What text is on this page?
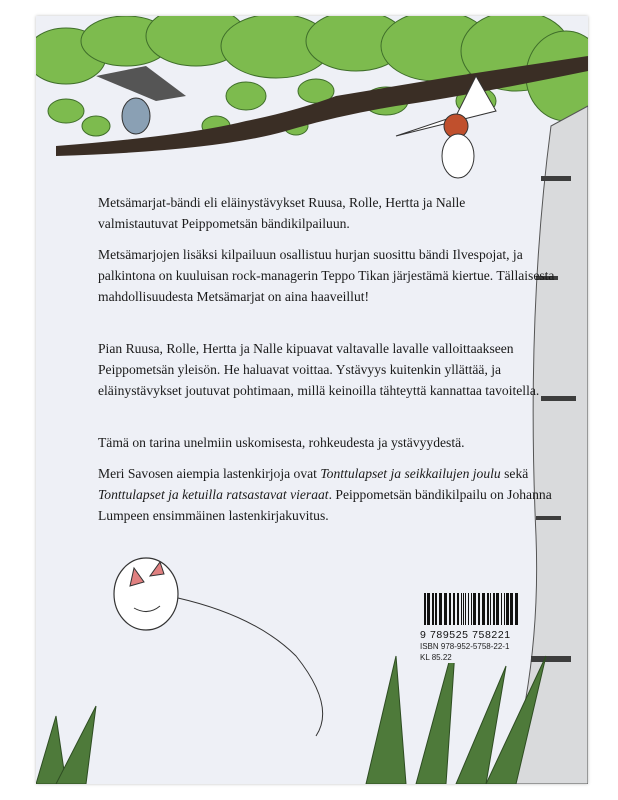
Metsämarjat-bändi eli eläinystävykset Ruusa, Rolle, Hertta ja Nalle valmistautuvat Peippometsän bändikilpailuun.
Metsämarjojen lisäksi kilpailuun osallistuu hurjan suosittu bändi Ilvespojat, ja palkintona on kuuluisan rock-managerin Teppo Tikan järjestämä kiertue. Tällaisesta mahdollisuudesta Metsämarjat on aina haaveillut!
Pian Ruusa, Rolle, Hertta ja Nalle kipuavat valtavalle lavalle valloittaakseen Peippometsän yleisön. He haluavat voittaa. Ystävyys kuitenkin yllättää, ja eläinystävykset joutuvat pohtimaan, millä keinoilla tähteyttä kannattaa tavoitella.
Tämä on tarina unelmiin uskomisesta, rohkeudesta ja ystävyydestä.
Meri Savosen aiempia lastenkirjoja ovat Tonttulapset ja seikkailujen joulu sekä Tonttulapset ja ketuilla ratsastavat vieraat. Peippometsän bändikilpailu on Johanna Lumpeen ensimmäinen lastenkirjakuvitus.
9 789525 758221
ISBN 978-952-5758-22-1
KL 85.22
